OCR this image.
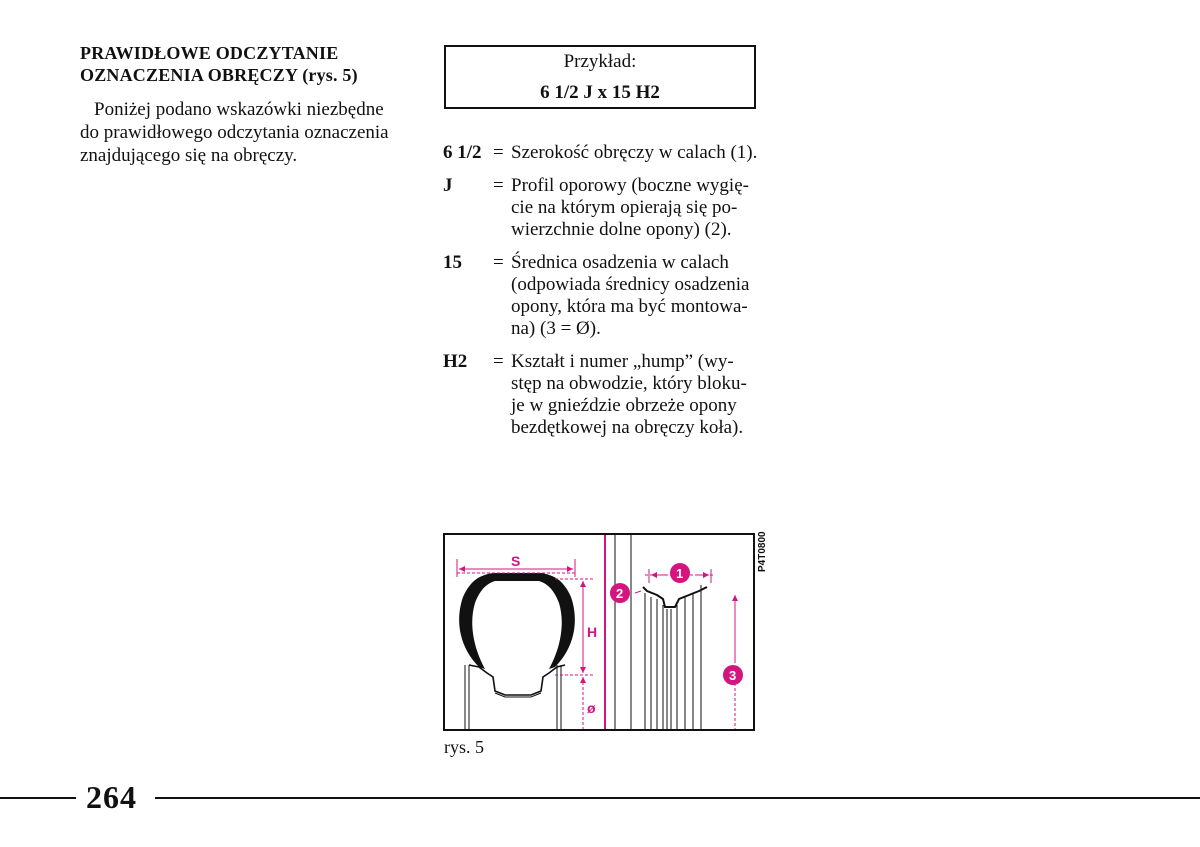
PRAWIDŁOWE ODCZYTANIE
OZNACZENIA OBRĘCZY (rys. 5)
Poniżej podano wskazówki niezbędne do prawidłowego odczytania oznaczenia znajdującego się na obręczy.
Przykład:
6 1/2 J x 15 H2
6 1/2 = Szerokość obręczy w calach (1).
J = Profil oporowy (boczne wygię-
cie na którym opierają się po-
wierzchnie dolne opony) (2).
15 = Średnica osadzenia w calach
(odpowiada średnicy osadzenia
opony, która ma być montowa-
na) (3 = Ø).
H2 = Kształt i numer „hump” (wy-
stęp na obwodzie, który bloku-
je w gnieździe obrzeże opony
bezdętkowej na obręczy koła).
S
H
ø
1
2
3
P4T0800
rys. 5
264
